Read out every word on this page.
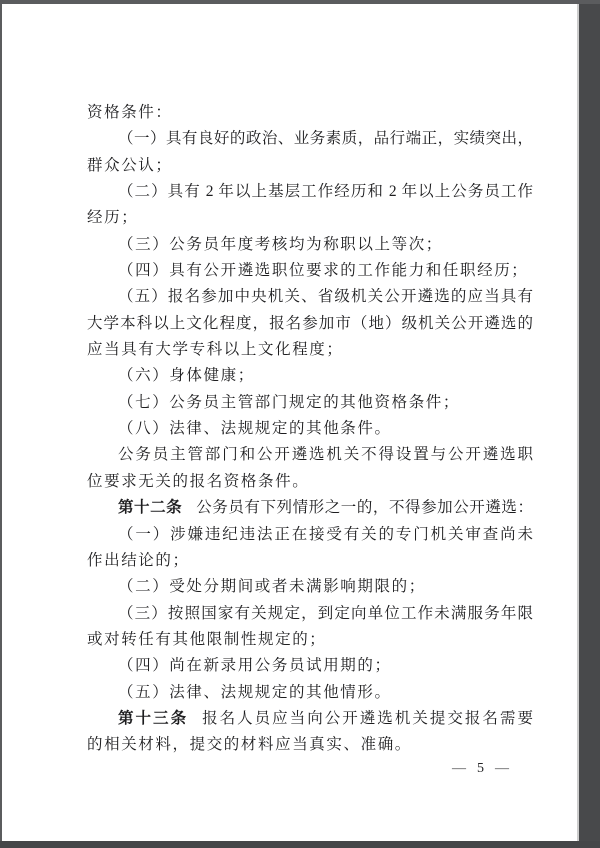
资格条件：
（一）具有良好的政治、业务素质，品行端正，实绩突出，
群众公认；
（二）具有 2 年以上基层工作经历和 2 年以上公务员工作
经历；
（三）公务员年度考核均为称职以上等次；
（四）具有公开遴选职位要求的工作能力和任职经历；
（五）报名参加中央机关、省级机关公开遴选的应当具有
大学本科以上文化程度，报名参加市（地）级机关公开遴选的
应当具有大学专科以上文化程度；
（六）身体健康；
（七）公务员主管部门规定的其他资格条件；
（八）法律、法规规定的其他条件。
公务员主管部门和公开遴选机关不得设置与公开遴选职
位要求无关的报名资格条件。
第十二条 公务员有下列情形之一的，不得参加公开遴选：
（一）涉嫌违纪违法正在接受有关的专门机关审查尚未
作出结论的；
（二）受处分期间或者未满影响期限的；
（三）按照国家有关规定，到定向单位工作未满服务年限
或对转任有其他限制性规定的；
（四）尚在新录用公务员试用期的；
（五）法律、法规规定的其他情形。
第十三条 报名人员应当向公开遴选机关提交报名需要
的相关材料，提交的材料应当真实、准确。
— 5 —
